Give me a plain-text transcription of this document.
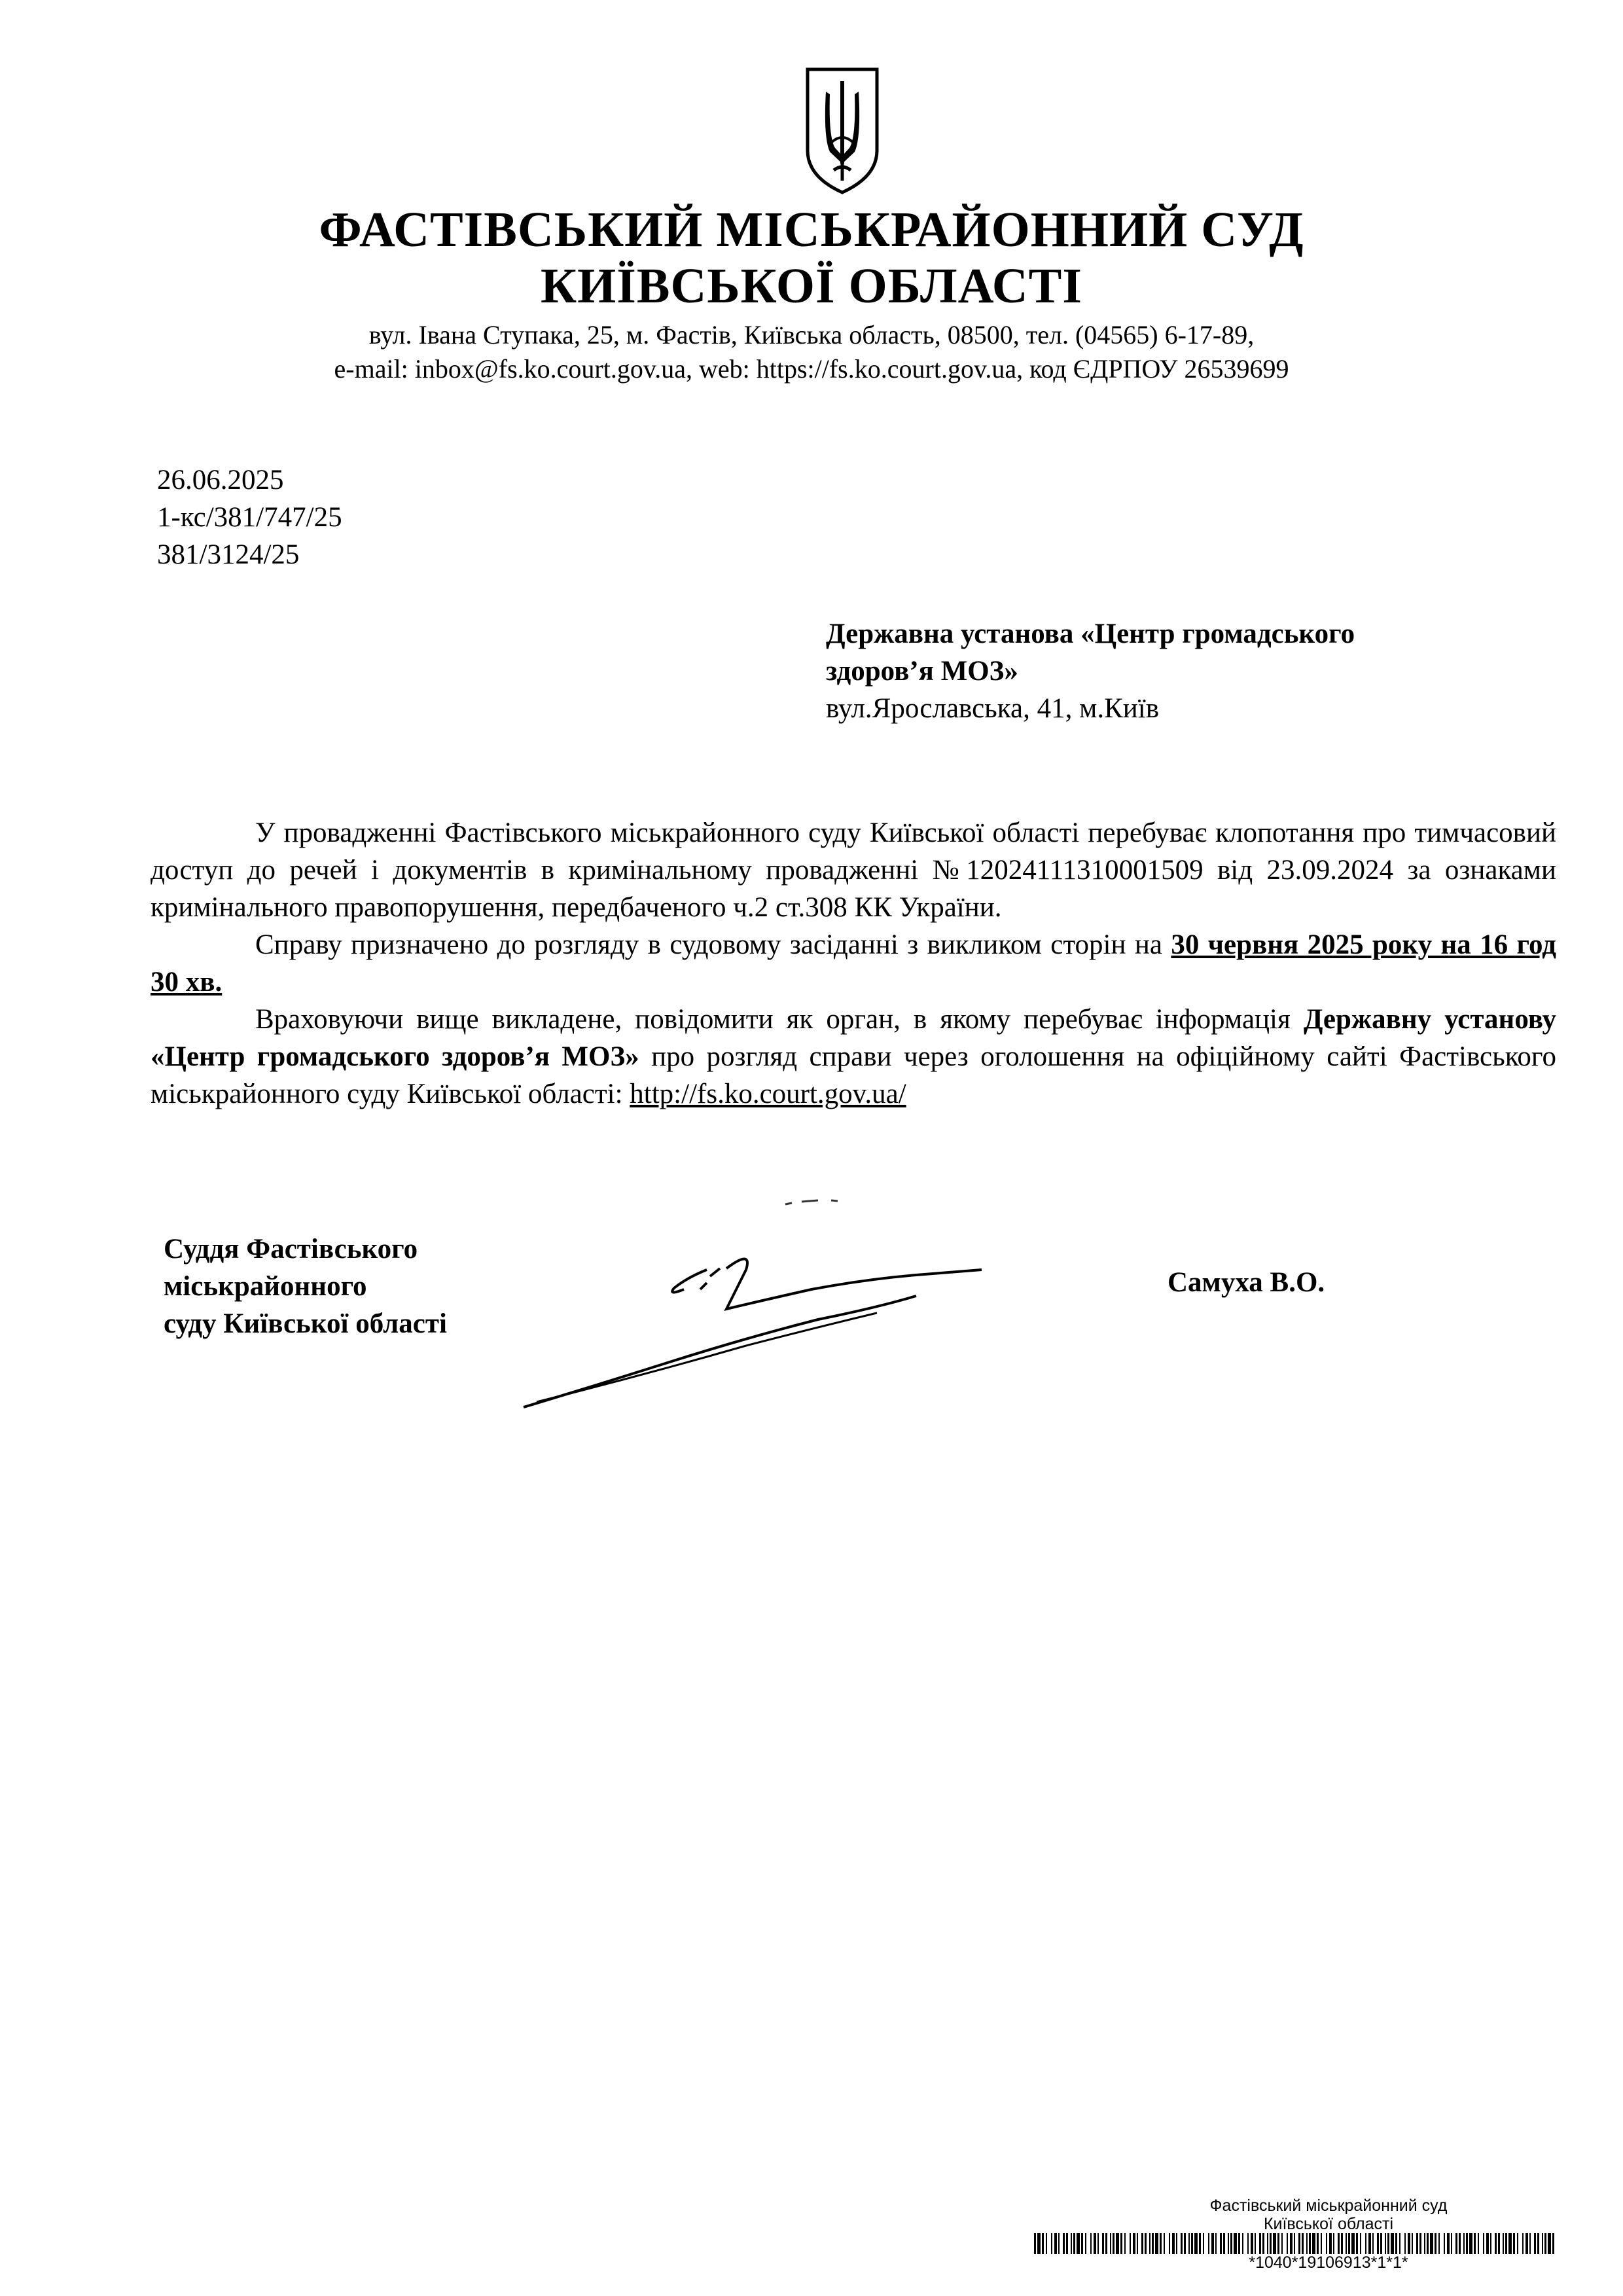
ФАСТІВСЬКИЙ МІСЬКРАЙОННИЙ СУД
КИЇВСЬКОЇ ОБЛАСТІ
вул. Івана Ступака, 25, м. Фастів, Київська область, 08500, тел. (04565) 6-17-89,
e-mail: inbox@fs.ko.court.gov.ua, web: https://fs.ko.court.gov.ua, код ЄДРПОУ 26539699
26.06.2025
1-кс/381/747/25
381/3124/25
Державна установа «Центр громадського
здоров’я МОЗ»
вул.Ярославська, 41, м.Київ

У провадженні Фастівського міськрайонного суду Київської області перебуває клопотання про тимчасовий доступ до речей і документів в кримінальному провадженні №12024111310001509 від 23.09.2024 за ознаками кримінального правопорушення, передбаченого ч.2 ст.308 КК України.

Справу призначено до розгляду в судовому засіданні з викликом сторін на 30 червня 2025 року на 16 год 30 хв.

Враховуючи вище викладене, повідомити як орган, в якому перебуває інформація Державну установу «Центр громадського здоров’я МОЗ» про розгляд справи через оголошення на офіційному сайті Фастівського міськрайонного суду Київської області: http://fs.ko.court.gov.ua/

Суддя Фастівського
міськрайонного
суду Київської області
Самуха В.О.
Фастівський міськрайонний суд
Київської області
*1040*19106913*1*1*
